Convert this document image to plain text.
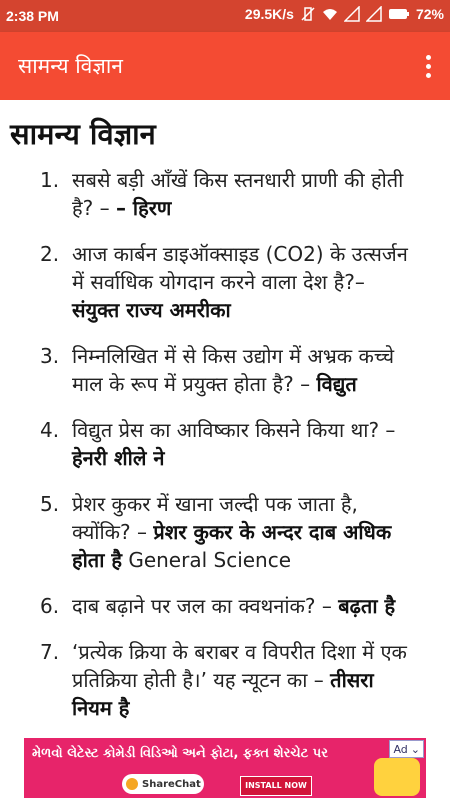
2:38 PM	29.5K/s	72%
सामन्य विज्ञान
सामन्य विज्ञान
1. सबसे बड़ी आँखें किस स्तनधारी प्राणी की होती है? – – हिरण
2. आज कार्बन डाइऑक्साइड (CO2) के उत्सर्जन में सर्वाधिक योगदान करने वाला देश है?– संयुक्त राज्य अमरीका
3. निम्नलिखित में से किस उद्योग में अभ्रक कच्चे माल के रूप में प्रयुक्त होता है? – विद्युत
4. विद्युत प्रेस का आविष्कार किसने किया था? – हेनरी शीले ने
5. प्रेशर कुकर में खाना जल्दी पक जाता है, क्योंकि? – प्रेशर कुकर के अन्दर दाब अधिक होता है General Science
6. दाब बढ़ाने पर जल का क्वथनांक? – बढ़ता है
7. ‘प्रत्येक क्रिया के बराबर व विपरीत दिशा में एक प्रतिक्रिया होती है।’ यह न्यूटन का – तीसरा नियम है
મેળવો લેટેસ્ટ કોમેડી વિડિઓ અને ફોટા, ફક્ત શેરચેટ પર
ShareChat	INSTALL NOW
Ad ⌄
